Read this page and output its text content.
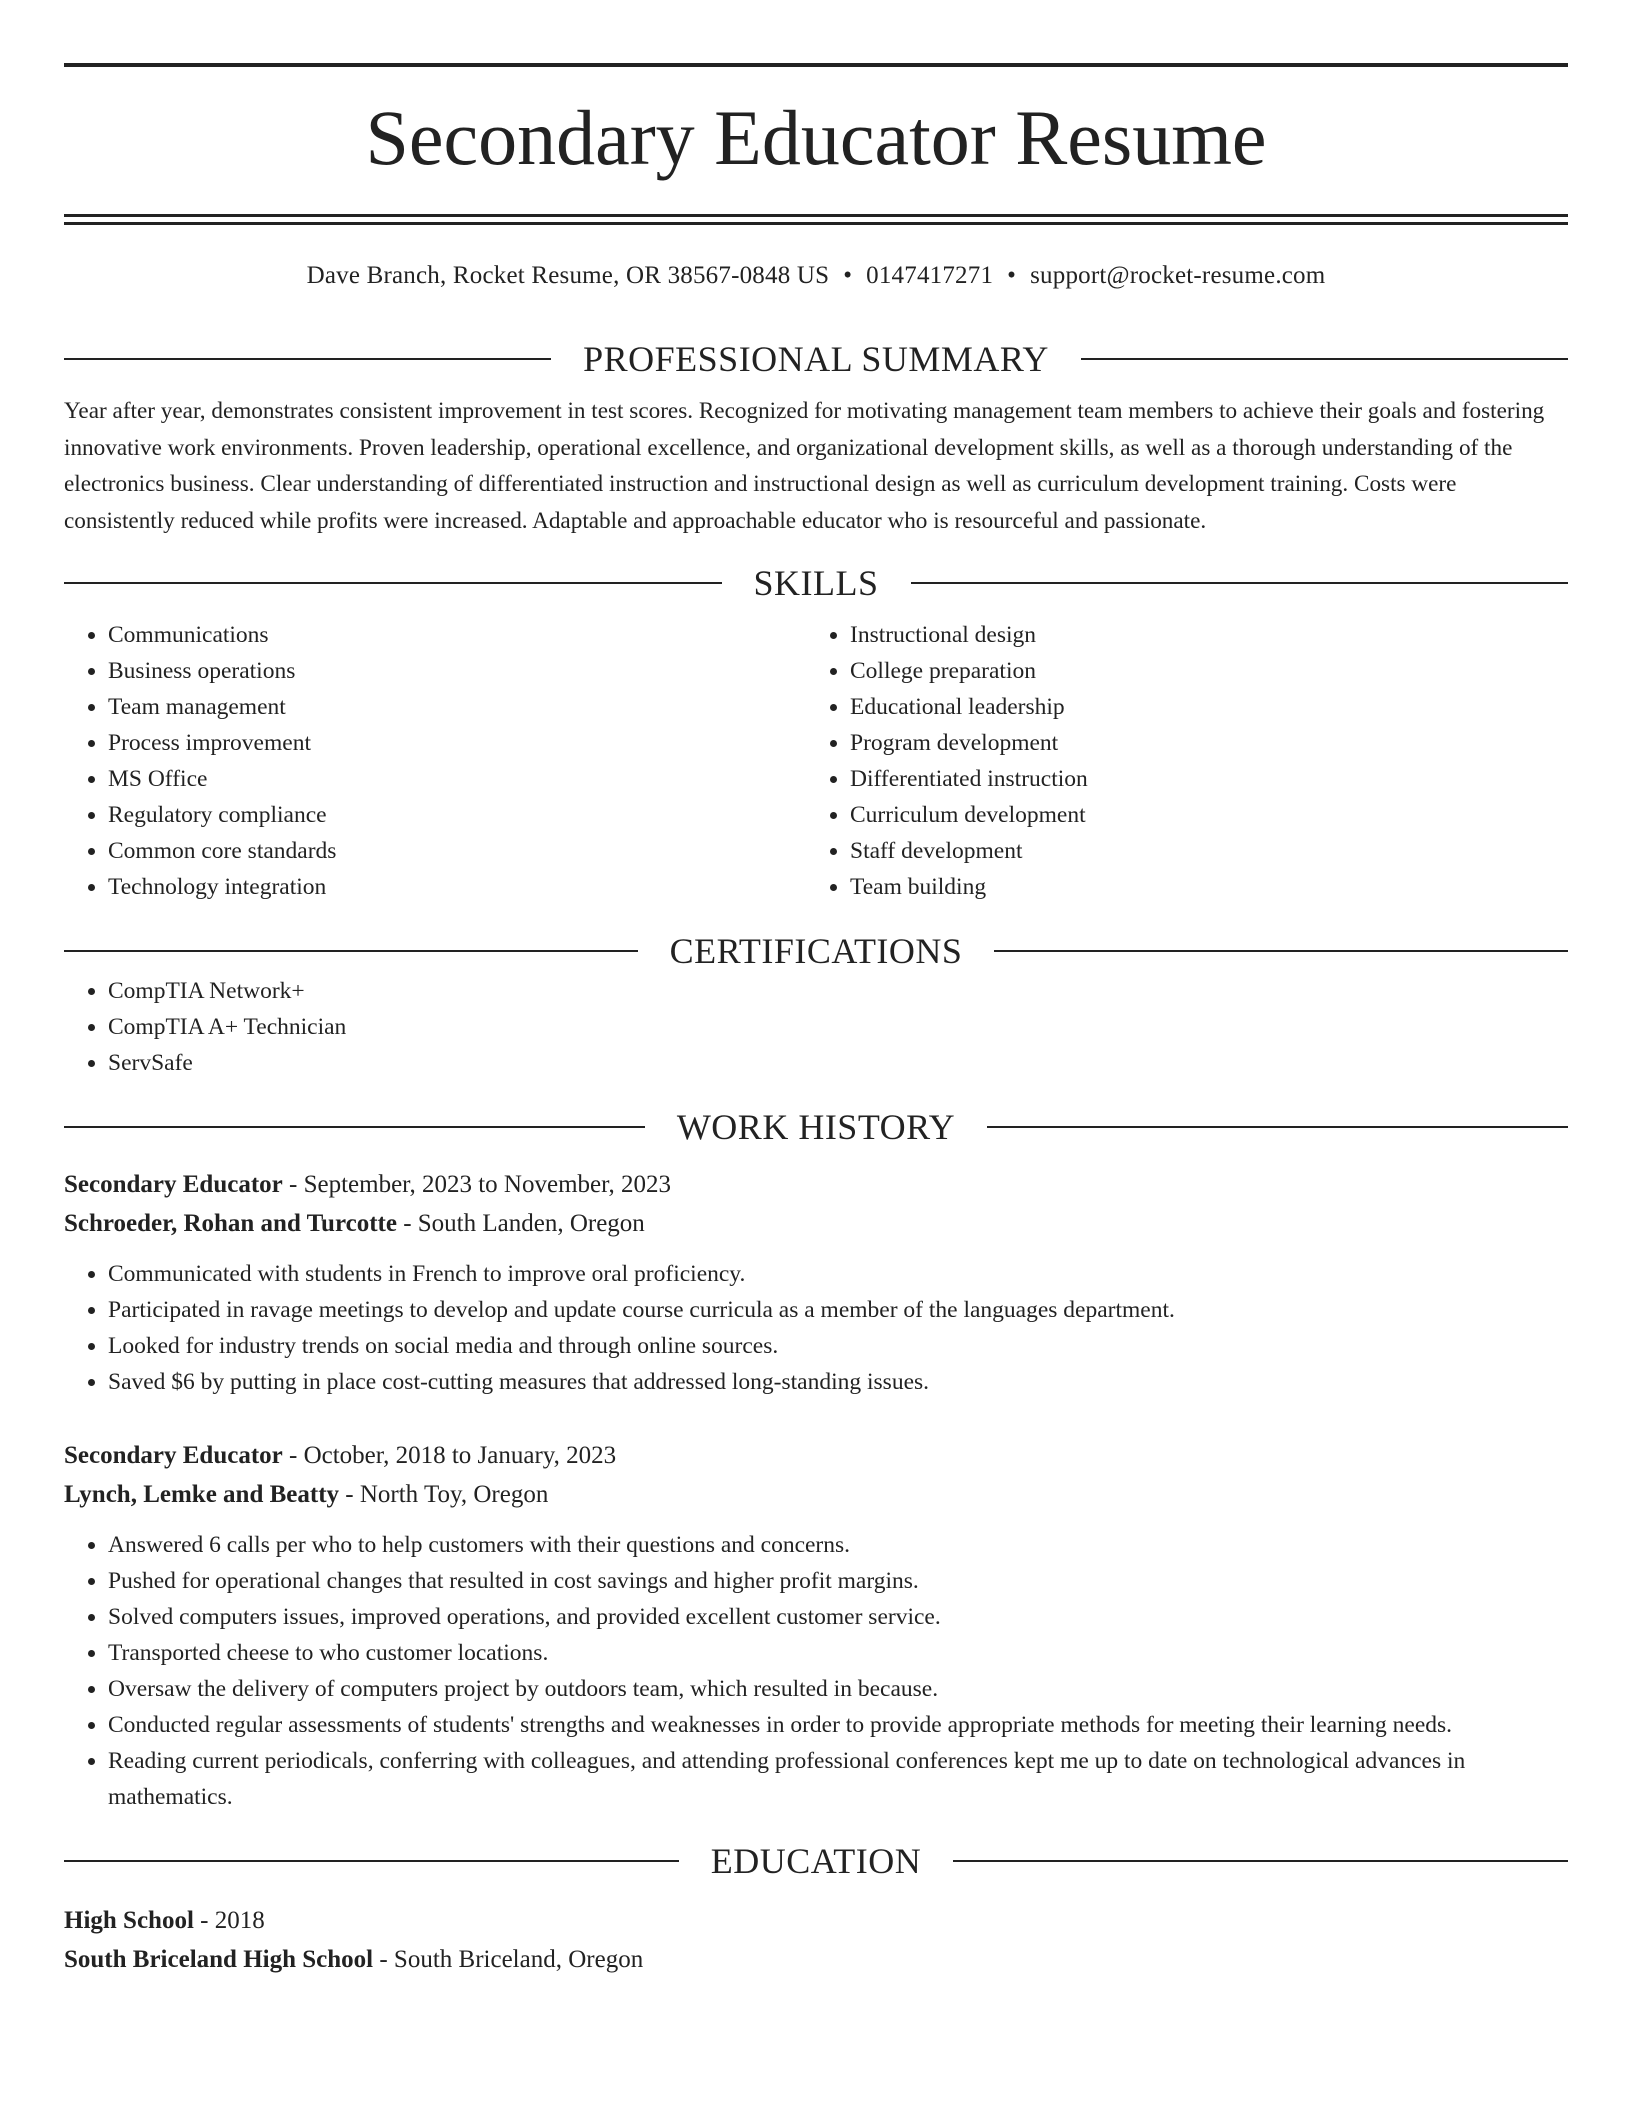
Secondary Educator Resume
Dave Branch, Rocket Resume, OR 38567-0848 US • 0147417271 • support@rocket-resume.com
PROFESSIONAL SUMMARY

Year after year, demonstrates consistent improvement in test scores. Recognized for motivating management team members to achieve their goals and fostering innovative work environments. Proven leadership, operational excellence, and organizational development skills, as well as a thorough understanding of the electronics business. Clear understanding of differentiated instruction and instructional design as well as curriculum development training. Costs were consistently reduced while profits were increased. Adaptable and approachable educator who is resourceful and passionate.

SKILLS
• Communications
• Business operations
• Team management
• Process improvement
• MS Office
• Regulatory compliance
• Common core standards
• Technology integration
• Instructional design
• College preparation
• Educational leadership
• Program development
• Differentiated instruction
• Curriculum development
• Staff development
• Team building
CERTIFICATIONS
• CompTIA Network+
• CompTIA A+ Technician
• ServSafe
WORK HISTORY
Secondary Educator - September, 2023 to November, 2023
Schroeder, Rohan and Turcotte - South Landen, Oregon
• Communicated with students in French to improve oral proficiency.
• Participated in ravage meetings to develop and update course curricula as a member of the languages department.
• Looked for industry trends on social media and through online sources.
• Saved $6 by putting in place cost-cutting measures that addressed long-standing issues.
Secondary Educator - October, 2018 to January, 2023
Lynch, Lemke and Beatty - North Toy, Oregon
• Answered 6 calls per who to help customers with their questions and concerns.
• Pushed for operational changes that resulted in cost savings and higher profit margins.
• Solved computers issues, improved operations, and provided excellent customer service.
• Transported cheese to who customer locations.
• Oversaw the delivery of computers project by outdoors team, which resulted in because.
• Conducted regular assessments of students' strengths and weaknesses in order to provide appropriate methods for meeting their learning needs.
• Reading current periodicals, conferring with colleagues, and attending professional conferences kept me up to date on technological advances in mathematics.
EDUCATION
High School - 2018
South Briceland High School - South Briceland, Oregon
